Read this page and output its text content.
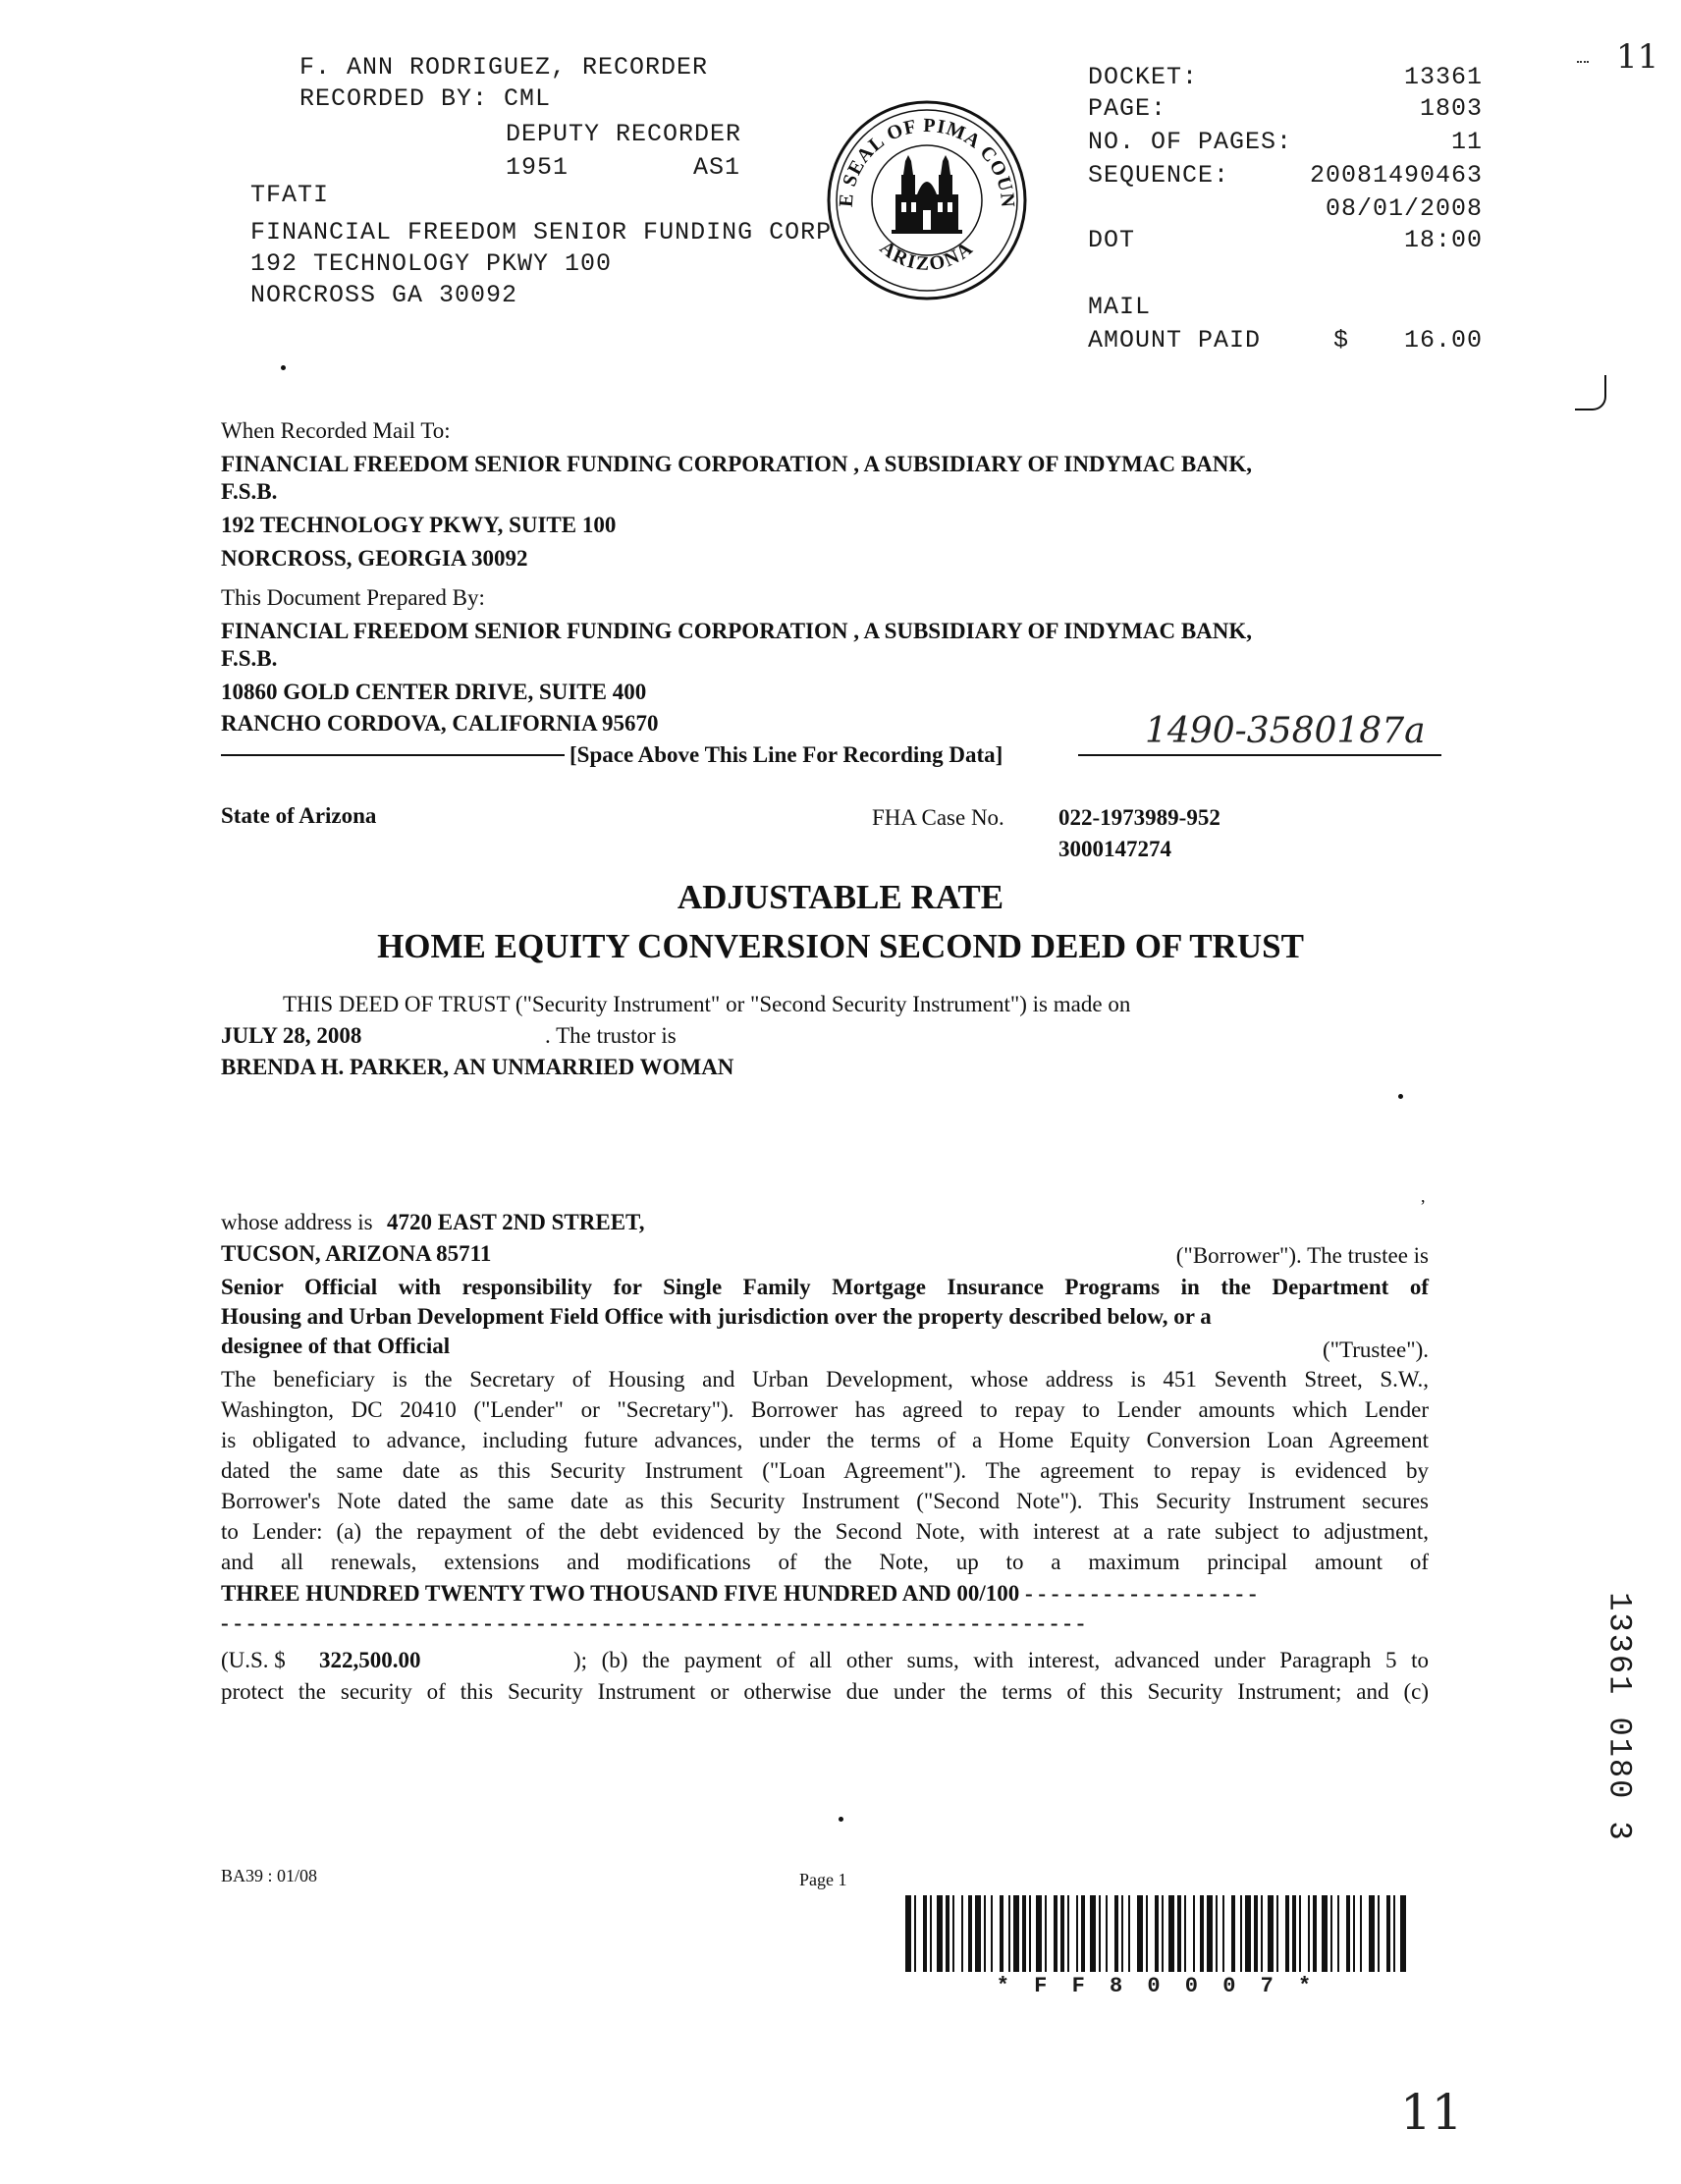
F. ANN RODRIGUEZ, RECORDER
RECORDED BY: CML
DEPUTY RECORDER
1951	AS1
TFATI
FINANCIAL FREEDOM SENIOR FUNDING CORP
192 TECHNOLOGY PKWY 100
NORCROSS GA 30092
E SEAL OF PIMA COUN
ARIZONA
DOCKET:	13361
PAGE:	1803
NO. OF PAGES:	11
SEQUENCE:	20081490463
08/01/2008
DOT	18:00
MAIL
AMOUNT PAID	$	16.00
11
When Recorded Mail To:
FINANCIAL FREEDOM SENIOR FUNDING CORPORATION , A SUBSIDIARY OF INDYMAC BANK,
F.S.B.
192 TECHNOLOGY PKWY, SUITE 100
NORCROSS, GEORGIA 30092
This Document Prepared By:
FINANCIAL FREEDOM SENIOR FUNDING CORPORATION , A SUBSIDIARY OF INDYMAC BANK,
F.S.B.
10860 GOLD CENTER DRIVE, SUITE 400
RANCHO CORDOVA, CALIFORNIA 95670	1490-3580187a
[Space Above This Line For Recording Data]
State of Arizona	FHA Case No. 022-1973989-952
3000147274
ADJUSTABLE RATE
HOME EQUITY CONVERSION SECOND DEED OF TRUST
THIS DEED OF TRUST ("Security Instrument" or "Second Security Instrument") is made on
JULY 28, 2008	. The trustor is
BRENDA H. PARKER, AN UNMARRIED WOMAN
,
whose address is 4720 EAST 2ND STREET,
TUCSON, ARIZONA 85711	("Borrower"). The trustee is
Senior Official with responsibility for Single Family Mortgage Insurance Programs in the Department of
Housing and Urban Development Field Office with jurisdiction over the property described below, or a
designee of that Official	("Trustee").
The beneficiary is the Secretary of Housing and Urban Development, whose address is 451 Seventh Street, S.W.,
Washington, DC 20410 ("Lender" or "Secretary"). Borrower has agreed to repay to Lender amounts which Lender
is obligated to advance, including future advances, under the terms of a Home Equity Conversion Loan Agreement
dated the same date as this Security Instrument ("Loan Agreement"). The agreement to repay is evidenced by
Borrower's Note dated the same date as this Security Instrument ("Second Note"). This Security Instrument secures
to Lender: (a) the repayment of the debt evidenced by the Second Note, with interest at a rate subject to adjustment,
and all renewals, extensions and modifications of the Note, up to a maximum principal amount of
THREE HUNDRED TWENTY TWO THOUSAND FIVE HUNDRED AND 00/100 - - - - - - - - - - - - - - - - - -
- - - - - - - - - - - - - - - - - - - - - - - - - - - - - - - - - - - - - - - - - - - - - - - - - - - - - - - - - - - - - - - - - -
(U.S. $ 322,500.00	); (b) the payment of all other sums, with interest, advanced under Paragraph 5 to
protect the security of this Security Instrument or otherwise due under the terms of this Security Instrument; and (c)	13361 0180 3
BA39 : 01/08	Page 1
* F F 8 0 0 0 7 *
11
